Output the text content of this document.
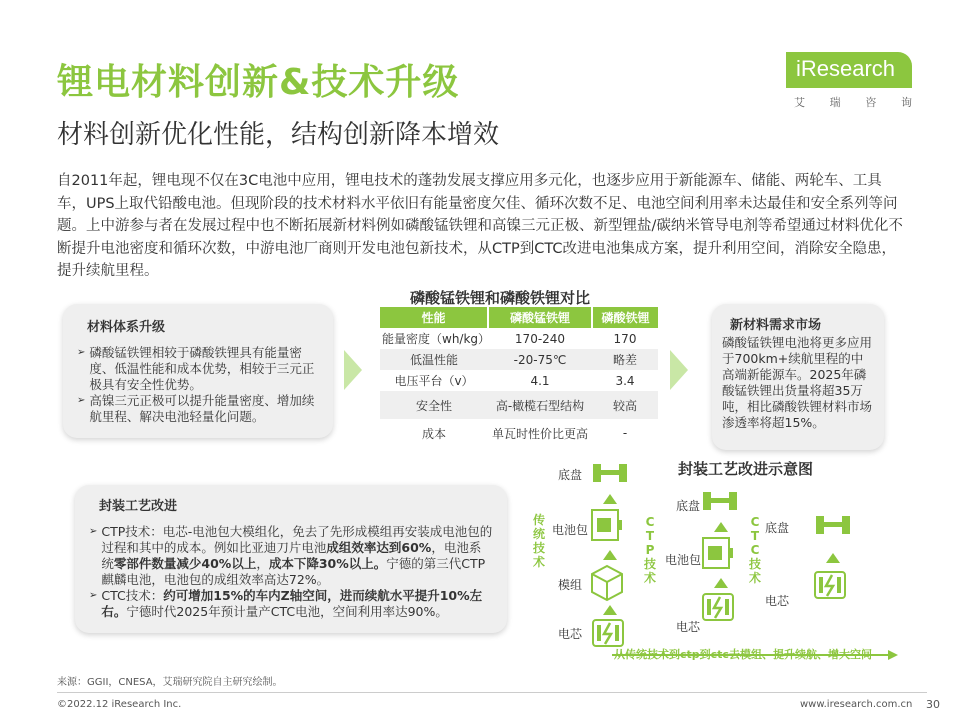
锂电材料创新&技术升级
材料创新优化性能，结构创新降本增效
iResearch
艾 瑞 咨 询
自2011年起，锂电现不仅在3C电池中应用，锂电技术的蓬勃发展支撑应用多元化，也逐步应用于新能源车、储能、两轮车、工具车，UPS上取代铅酸电池。但现阶段的技术材料水平依旧有能量密度欠佳、循环次数不足、电池空间利用率未达最佳和安全系列等问题。上中游参与者在发展过程中也不断拓展新材料例如磷酸锰铁锂和高镍三元正极、新型锂盐/碳纳米管导电剂等希望通过材料优化不断提升电池密度和循环次数，中游电池厂商则开发电池包新技术，从CTP到CTC改进电池集成方案，提升利用空间，消除安全隐患，提升续航里程。
材料体系升级
➢ 磷酸锰铁锂相较于磷酸铁锂具有能量密度、低温性能和成本优势，相较于三元正极具有安全性优势。
➢ 高镍三元正极可以提升能量密度、增加续航里程、解决电池轻量化问题。
磷酸锰铁锂和磷酸铁锂对比
性能	磷酸锰铁锂	磷酸铁锂
能量密度（wh/kg）	170-240	170
低温性能	-20-75℃	略差
电压平台（v）	4.1	3.4
安全性	高-橄榄石型结构	较高
成本	单瓦时性价比更高	-
新材料需求市场
磷酸锰铁锂电池将更多应用于700km+续航里程的中高端新能源车。2025年磷酸锰铁锂出货量将超35万吨，相比磷酸铁锂材料市场渗透率将超15%。
封装工艺改进
➢ CTP技术：电芯-电池包大模组化，免去了先形成模组再安装成电池包的过程和其中的成本。例如比亚迪刀片电池成组效率达到60%，电池系统零部件数量减少40%以上，成本下降30%以上。宁德的第三代CTP麒麟电池，电池包的成组效率高达72%。
➢ CTC技术：约可增加15%的车内Z轴空间，进而续航水平提升10%左右。宁德时代2025年预计量产CTC电池，空间利用率达90%。
封装工艺改进示意图
底盘
电池包
模组
电芯
底盘
电池包
电芯
底盘
电芯
传统技术
CTP技术
CTC技术
从传统技术到ctp到ctc去模组、提升续航、增大空间
来源：GGII，CNESA，艾瑞研究院自主研究绘制。
©2022.12 iResearch Inc.	www.iresearch.com.cn 30
